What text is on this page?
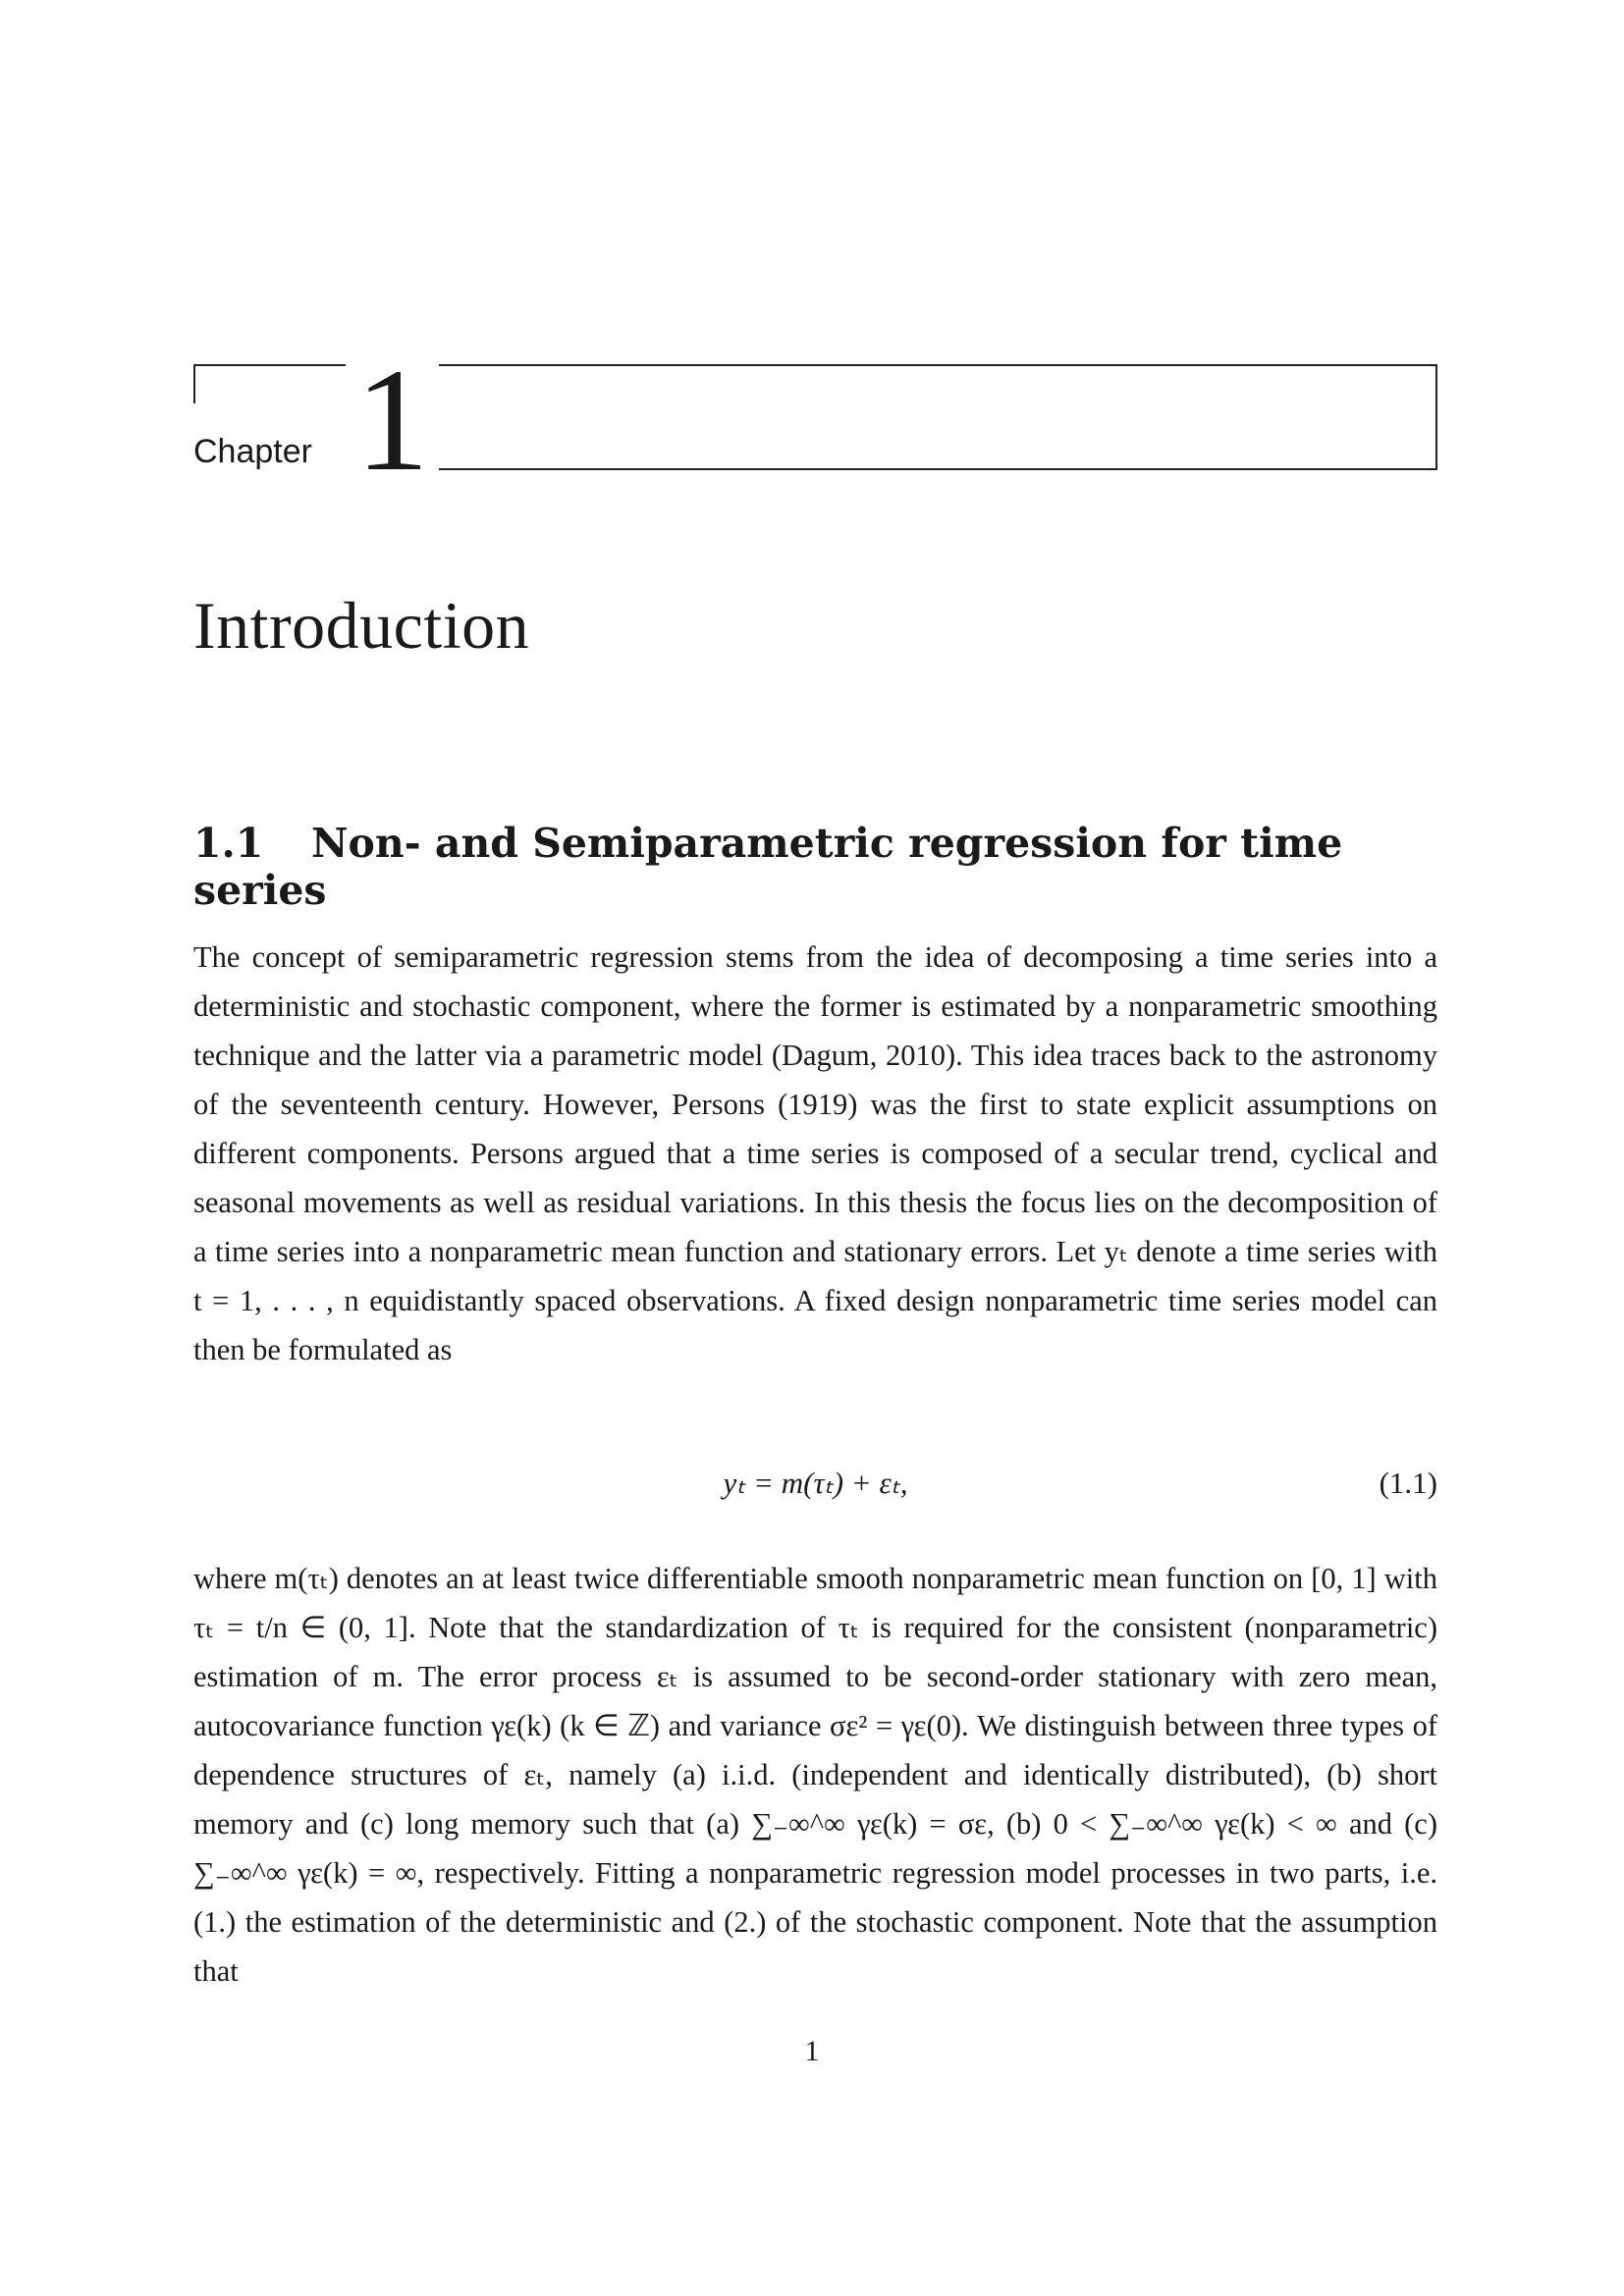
Chapter 1
Introduction
1.1 Non- and Semiparametric regression for time series

The concept of semiparametric regression stems from the idea of decomposing a time series into a deterministic and stochastic component, where the former is estimated by a nonparametric smoothing technique and the latter via a parametric model (Dagum, 2010). This idea traces back to the astronomy of the seventeenth century. However, Persons (1919) was the first to state explicit assumptions on different components. Persons argued that a time series is composed of a secular trend, cyclical and seasonal movements as well as residual variations. In this thesis the focus lies on the decomposition of a time series into a nonparametric mean function and stationary errors. Let yₜ denote a time series with t = 1, . . . , n equidistantly spaced observations. A fixed design nonparametric time series model can then be formulated as

yₜ = m(τₜ) + εₜ,	(1.1)

where m(τₜ) denotes an at least twice differentiable smooth nonparametric mean function on [0, 1] with τₜ = t/n ∈ (0, 1]. Note that the standardization of τₜ is required for the consistent (nonparametric) estimation of m. The error process εₜ is assumed to be second-order stationary with zero mean, autocovariance function γε(k) (k ∈ ℤ) and variance σε² = γε(0). We distinguish between three types of dependence structures of εₜ, namely (a) i.i.d. (independent and identically distributed), (b) short memory and (c) long memory such that (a) ∑₋∞^∞ γε(k) = σε, (b) 0 < ∑₋∞^∞ γε(k) < ∞ and (c) ∑₋∞^∞ γε(k) = ∞, respectively. Fitting a nonparametric regression model processes in two parts, i.e. (1.) the estimation of the deterministic and (2.) of the stochastic component. Note that the assumption that

1
